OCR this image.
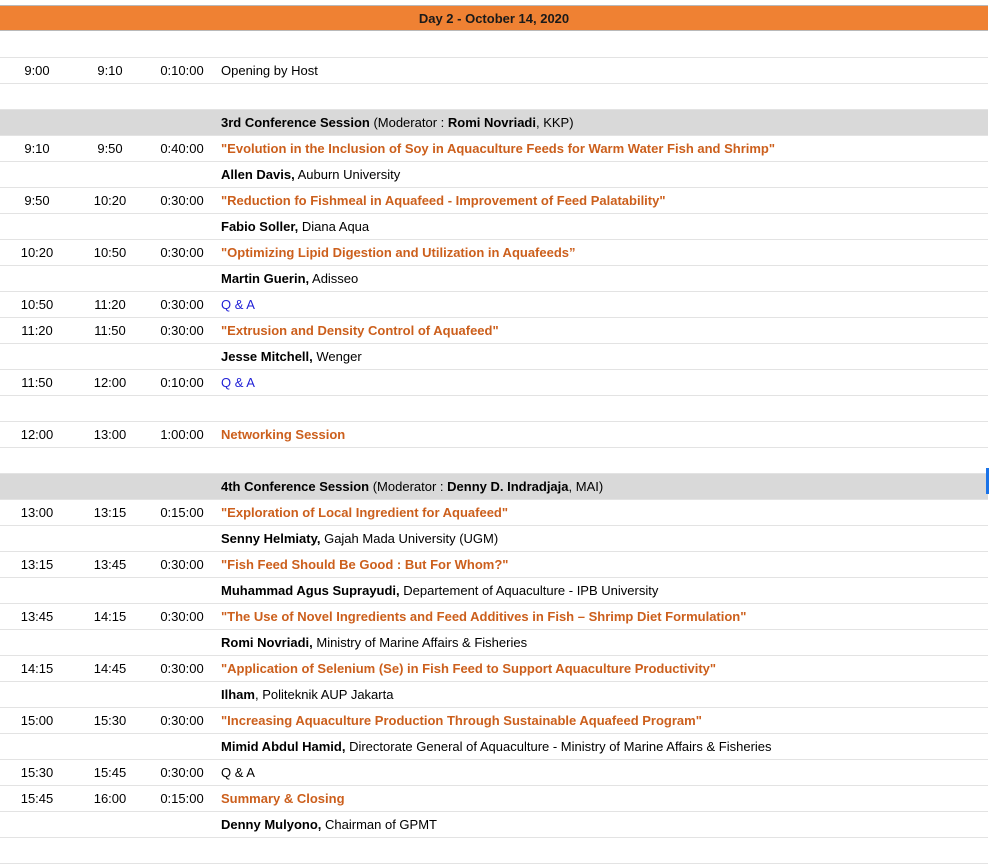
Day 2 - October 14, 2020
9:00	9:10	0:10:00	Opening by Host
3rd Conference Session (Moderator : Romi Novriadi, KKP)
9:10	9:50	0:40:00	"Evolution in the Inclusion of Soy in Aquaculture Feeds for Warm Water Fish and Shrimp"
Allen Davis, Auburn University
9:50	10:20	0:30:00	"Reduction fo Fishmeal in Aquafeed - Improvement of Feed Palatability"
Fabio Soller, Diana Aqua
10:20	10:50	0:30:00	"Optimizing Lipid Digestion and Utilization in Aquafeeds”
Martin Guerin, Adisseo
10:50	11:20	0:30:00	Q & A
11:20	11:50	0:30:00	"Extrusion and Density Control of Aquafeed"
Jesse Mitchell, Wenger
11:50	12:00	0:10:00	Q & A
12:00	13:00	1:00:00	Networking Session
4th Conference Session (Moderator : Denny D. Indradjaja, MAI)
13:00	13:15	0:15:00	"Exploration of Local Ingredient for Aquafeed"
Senny Helmiaty, Gajah Mada University (UGM)
13:15	13:45	0:30:00	"Fish Feed Should Be Good : But For Whom?"
Muhammad Agus Suprayudi, Departement of Aquaculture - IPB University
13:45	14:15	0:30:00	"The Use of Novel Ingredients and Feed Additives in Fish – Shrimp Diet Formulation"
Romi Novriadi, Ministry of Marine Affairs & Fisheries
14:15	14:45	0:30:00	"Application of Selenium (Se) in Fish Feed to Support Aquaculture Productivity"
Ilham, Politeknik AUP Jakarta
15:00	15:30	0:30:00	"Increasing Aquaculture Production Through Sustainable Aquafeed Program"
Mimid Abdul Hamid, Directorate General of Aquaculture - Ministry of Marine Affairs & Fisheries
15:30	15:45	0:30:00	Q & A
15:45	16:00	0:15:00	Summary & Closing
Denny Mulyono, Chairman of GPMT
